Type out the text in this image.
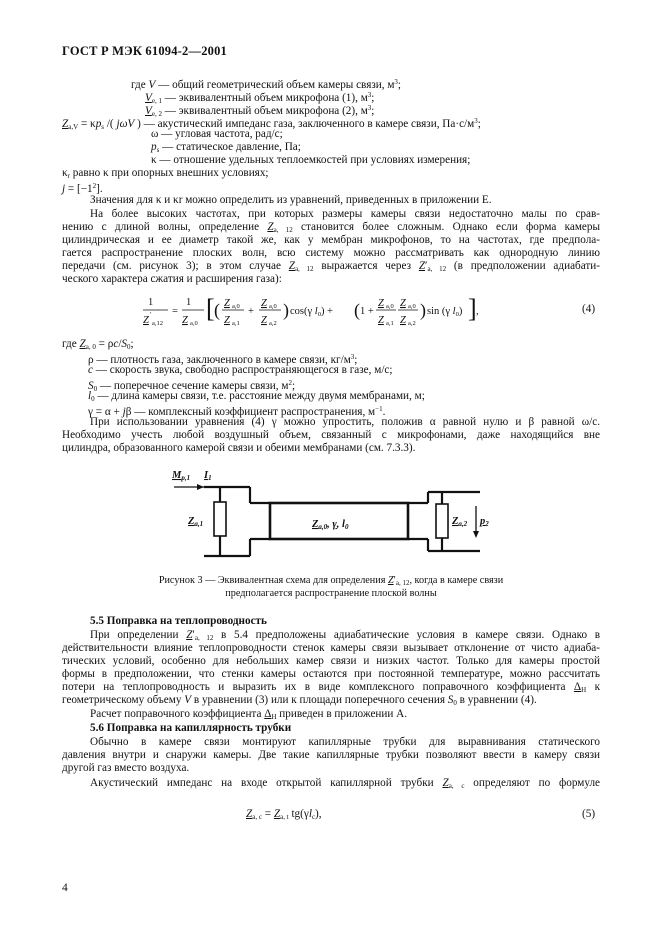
ГОСТ Р МЭК 61094-2—2001
где V — общий геометрический объем камеры связи, $м^3$;
$V_{e, 1}$ — эквивалентный объем микрофона (1), $м^3$;
$V_{e, 2}$ — эквивалентный объем микрофона (2), $м^3$;
$Z_{a,V} = \kappa p_s$ /( jωV ) — акустический импеданс газа, заключенного в камере связи, $Па\cdot с/м^3$;
ω — угловая частота, рад/с;
$p_s$ — статическое давление, Па;
κ — отношение удельных теплоемкостей при условиях измерения;
$\kappa_r$ равно κ при опорных внешних условиях;
$j = [-1^2]$.
Значения для κ и κr можно определить из уравнений, приведенных в приложении Е.
На более высоких частотах, при которых размеры камеры связи недостаточно малы по срав-
нению с длиной волны, определение $Z_{a, 12}$ становится более сложным. Однако если форма камеры
цилиндрическая и ее диаметр такой же, как у мембран микрофонов, то на частотах, где предпола-
гается распространение плоских волн, всю систему можно рассматривать как однородную линию
передачи (см. рисунок 3); в этом случае $Z_{a, 12}$ выражается через $Z'_{a, 12}$ (в предположении адиабати-
ческого характера сжатия и расширения газа):
1
Z ′
a,12
=
1
Z a,0
[ ( Z a,0
Z a,1
+
Z a,0
Z a,2
) cos(γ l0) + ( 1 +
Z a,0
Z a,1
Z a,0
Z a,2
) sin (γ l0) ] ,	(4)
где $Z_{a, 0} = \rho c/S_0$;
ρ — плотность газа, заключенного в камере связи, $кг/м^3$;
c — скорость звука, свободно распространяющегося в газе, м/с;
$S_0$ — поперечное сечение камеры связи, $м^2$;
$l_0$ — длина камеры связи, т.е. расстояние между двумя мембранами, м;
γ = α + jβ — комплексный коэффициент распространения, $м^{-1}$.
При использовании уравнения (4) γ можно упростить, положив α равной нулю и β равной ω/c.
Необходимо учесть любой воздушный объем, связанный с микрофонами, даже находящийся вне
цилиндра, образованного камерой связи и обеими мембранами (см. 7.3.3).
Mp,1 I1
Za,1	Za,0, γ, l0	Za,2 p2
Рисунок 3 — Эквивалентная схема для определения $Z'_{a, 12}$, когда в камере связи
предполагается распространение плоской волны
5.5 Поправка на теплопроводность
При определении $Z'_{a, 12}$ в 5.4 предположены адиабатические условия в камере связи. Однако в
действительности влияние теплопроводности стенок камеры связи вызывает отклонение от чисто адиаба-
тических условий, особенно для небольших камер связи и низких частот. Только для камеры простой
формы в предположении, что стенки камеры остаются при постоянной температуре, можно рассчитать
потери на теплопроводность и выразить их в виде комплексного поправочного коэффициента $\Delta_H$ к
геометрическому объему V в уравнении (3) или к площади поперечного сечения $S_0$ в уравнении (4).
Расчет поправочного коэффициента $\Delta_H$ приведен в приложении А.
5.6 Поправка на капиллярность трубки
Обычно в камере связи монтируют капиллярные трубки для выравнивания статического
давления внутри и снаружи камеры. Две такие капиллярные трубки позволяют ввести в камеру связи
другой газ вместо воздуха.
Акустический импеданс на входе открытой капиллярной трубки $Z_{a, c}$ определяют по формуле
$Z_{a, c} = Z_{a, t}$ $tg(\gamma l_c)$,	(5)
4
